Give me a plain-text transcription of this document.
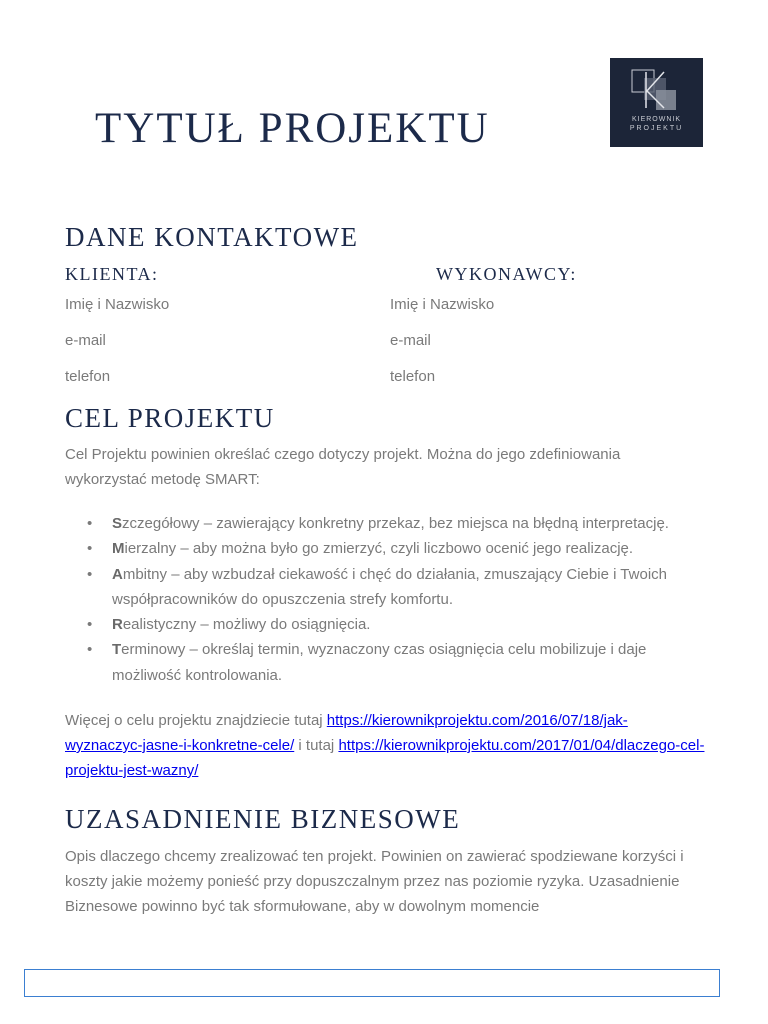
TYTUŁ PROJEKTU	KIEROWNIK
PROJEKTU
DANE KONTAKTOWE
KLIENTA:	WYKONAWCY:
Imię i Nazwisko
e-mail
telefon
Imię i Nazwisko
e-mail
telefon
CEL PROJEKTU

Cel Projektu powinien określać czego dotyczy projekt. Można do jego zdefiniowania wykorzystać metodę SMART:

• Szczegółowy – zawierający konkretny przekaz, bez miejsca na błędną interpretację.
• Mierzalny – aby można było go zmierzyć, czyli liczbowo ocenić jego realizację.
• Ambitny – aby wzbudzał ciekawość i chęć do działania, zmuszający Ciebie i Twoich współpracowników do opuszczenia strefy komfortu.
• Realistyczny – możliwy do osiągnięcia.
• Terminowy – określaj termin, wyznaczony czas osiągnięcia celu mobilizuje i daje możliwość kontrolowania.

Więcej o celu projektu znajdziecie tutaj https://kierownikprojektu.com/2016/07/18/jak-wyznaczyc-jasne-i-konkretne-cele/ i tutaj https://kierownikprojektu.com/2017/01/04/dlaczego-cel-projektu-jest-wazny/

UZASADNIENIE BIZNESOWE

Opis dlaczego chcemy zrealizować ten projekt. Powinien on zawierać spodziewane korzyści i koszty jakie możemy ponieść przy dopuszczalnym przez nas poziomie ryzyka. Uzasadnienie Biznesowe powinno być tak sformułowane, aby w dowolnym momencie
